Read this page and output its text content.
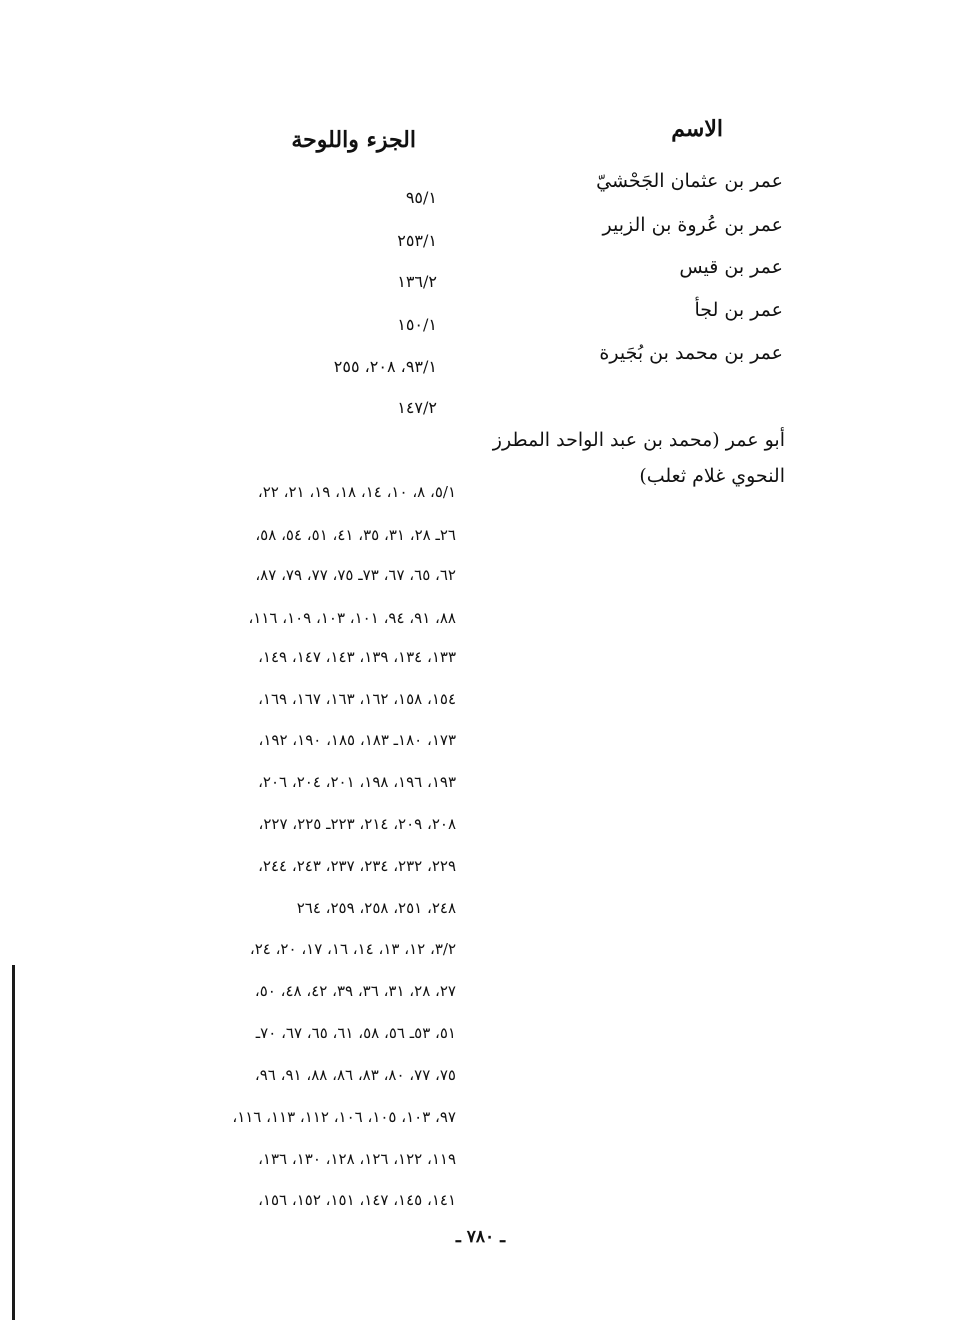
الاسم
الجزء واللوحة
عمر بن عثمان الجَحْشيّ
٩٥/١
عمر بن عُروة بن الزبير
٢٥٣/١
عمر بن قيس
١٣٦/٢
عمر بن لجأ
١٥٠/١
عمر بن محمد بن بُجَيرة
٩٣/١، ٢٠٨، ٢٥٥
١٤٧/٢
أبو عمر (محمد بن عبد الواحد المطرز النحوي غلام ثعلب)
٥/١، ٨، ١٠، ١٤، ١٨، ١٩، ٢١، ٢٢،
٢٦ـ ٢٨، ٣١، ٣٥، ٤١، ٥١، ٥٤، ٥٨،
٦٢، ٦٥، ٦٧، ٧٣ـ ٧٥، ٧٧، ٧٩، ٨٧،
٨٨، ٩١، ٩٤، ١٠١، ١٠٣، ١٠٩، ١١٦،
١٣٣، ١٣٤، ١٣٩، ١٤٣، ١٤٧، ١٤٩،
١٥٤، ١٥٨، ١٦٢، ١٦٣، ١٦٧، ١٦٩،
١٧٣، ١٨٠ـ ١٨٣، ١٨٥، ١٩٠، ١٩٢،
١٩٣، ١٩٦، ١٩٨، ٢٠١، ٢٠٤، ٢٠٦،
٢٠٨، ٢٠٩، ٢١٤، ٢٢٣ـ ٢٢٥، ٢٢٧،
٢٢٩، ٢٣٢، ٢٣٤، ٢٣٧، ٢٤٣، ٢٤٤،
٢٤٨، ٢٥١، ٢٥٨، ٢٥٩، ٢٦٤
٣/٢، ١٢، ١٣، ١٤، ١٦، ١٧، ٢٠، ٢٤،
٢٧، ٢٨، ٣١، ٣٦، ٣٩، ٤٢، ٤٨، ٥٠،
٥١، ٥٣ـ ٥٦، ٥٨، ٦١، ٦٥، ٦٧، ٧٠ـ
٧٥، ٧٧، ٨٠، ٨٣، ٨٦، ٨٨، ٩١، ٩٦،
٩٧، ١٠٣، ١٠٥، ١٠٦، ١١٢، ١١٣، ١١٦،
١١٩، ١٢٢، ١٢٦، ١٢٨، ١٣٠، ١٣٦،
١٤١، ١٤٥، ١٤٧، ١٥١، ١٥٢، ١٥٦،
ـ ٧٨٠ ـ
